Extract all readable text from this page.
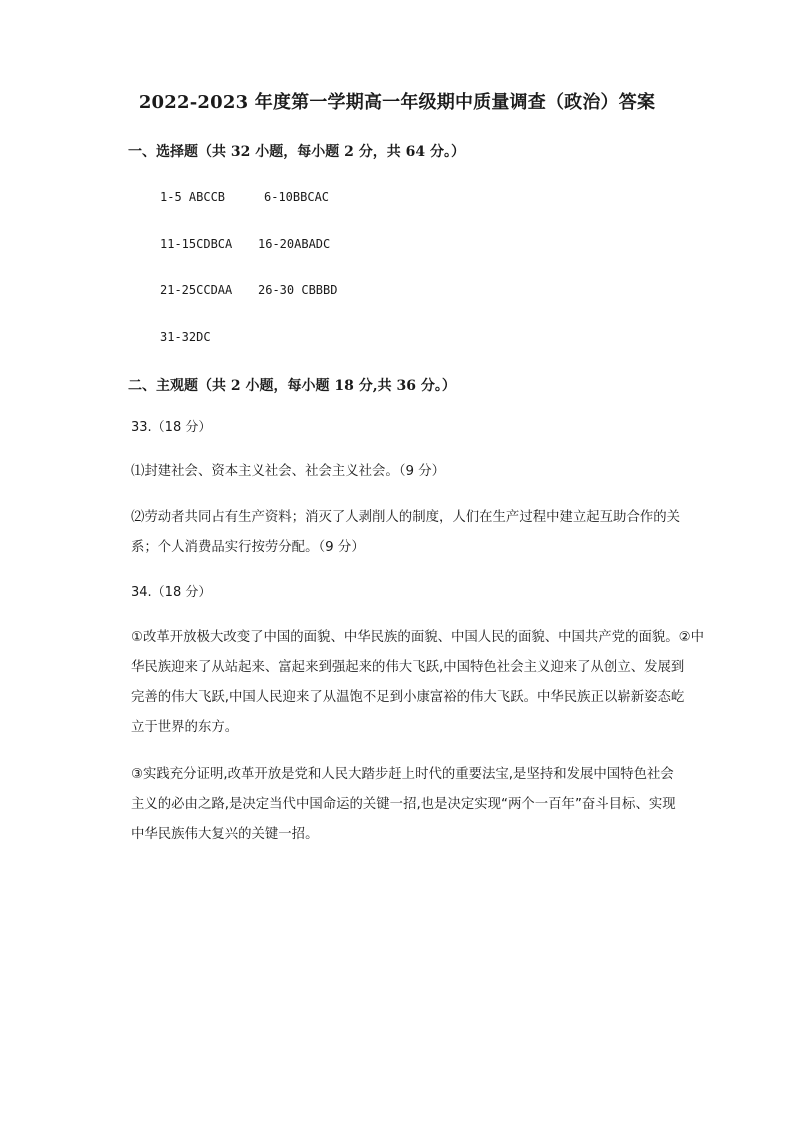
2022-2023 年度第一学期高一年级期中质量调查（政治）答案
一、选择题（共 32 小题，每小题 2 分，共 64 分。）
1-5 ABCCB	6-10BBCAC
11-15CDBCA 16-20ABADC
21-25CCDAA 26-30 CBBBD
31-32DC
二、主观题（共 2 小题，每小题 18 分,共 36 分。）
33.（18 分）
⑴封建社会、资本主义社会、社会主义社会。（9 分）
⑵劳动者共同占有生产资料；消灭了人剥削人的制度，人们在生产过程中建立起互助合作的关
系；个人消费品实行按劳分配。（9 分）
34.（18 分）
①改革开放极大改变了中国的面貌、中华民族的面貌、中国人民的面貌、中国共产党的面貌。②中
华民族迎来了从站起来、富起来到强起来的伟大飞跃,中国特色社会主义迎来了从创立、发展到
完善的伟大飞跃,中国人民迎来了从温饱不足到小康富裕的伟大飞跃。中华民族正以崭新姿态屹
立于世界的东方。
③实践充分证明,改革开放是党和人民大踏步赶上时代的重要法宝,是坚持和发展中国特色社会
主义的必由之路,是决定当代中国命运的关键一招,也是决定实现“两个一百年”奋斗目标、实现
中华民族伟大复兴的关键一招。
